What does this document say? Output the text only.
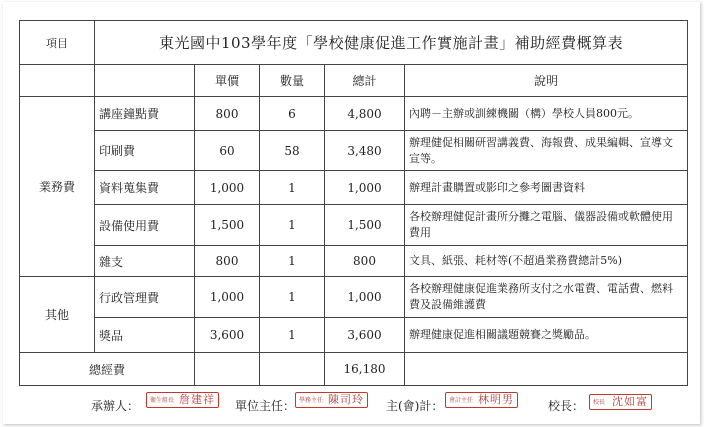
項目	東光國中103學年度「學校健康促進工作實施計畫」補助經費概算表				
		單價	數量	總計	說明
業務費	講座鐘點費	800	6	4,800	內聘－主辦或訓練機關（構）學校人員800元。
	印刷費	60	58	3,480	辦理健促相關研習講義費、海報費、成果編輯、宣導文宣等。
	資料蒐集費	1,000	1	1,000	辦理計畫購置或影印之參考圖書資料
	設備使用費	1,500	1	1,500	各校辦理健促計畫所分攤之電腦、儀器設備或軟體使用費用
	雜支	800	1	800	文具、紙張、耗材等(不超過業務費總計5%)
其他	行政管理費	1,000	1	1,000	各校辦理健康促進業務所支付之水電費、電話費、燃料費及設備維護費
	獎品	3,600	1	3,600	辦理健康促進相關議題競賽之獎勵品。
總經費				16,180	
承辦人： 衛生組長 詹建祥 單位主任： 學務主任 陳司玲 主(會)計： 會計主任 林明男	校長： 校長 沈如富
